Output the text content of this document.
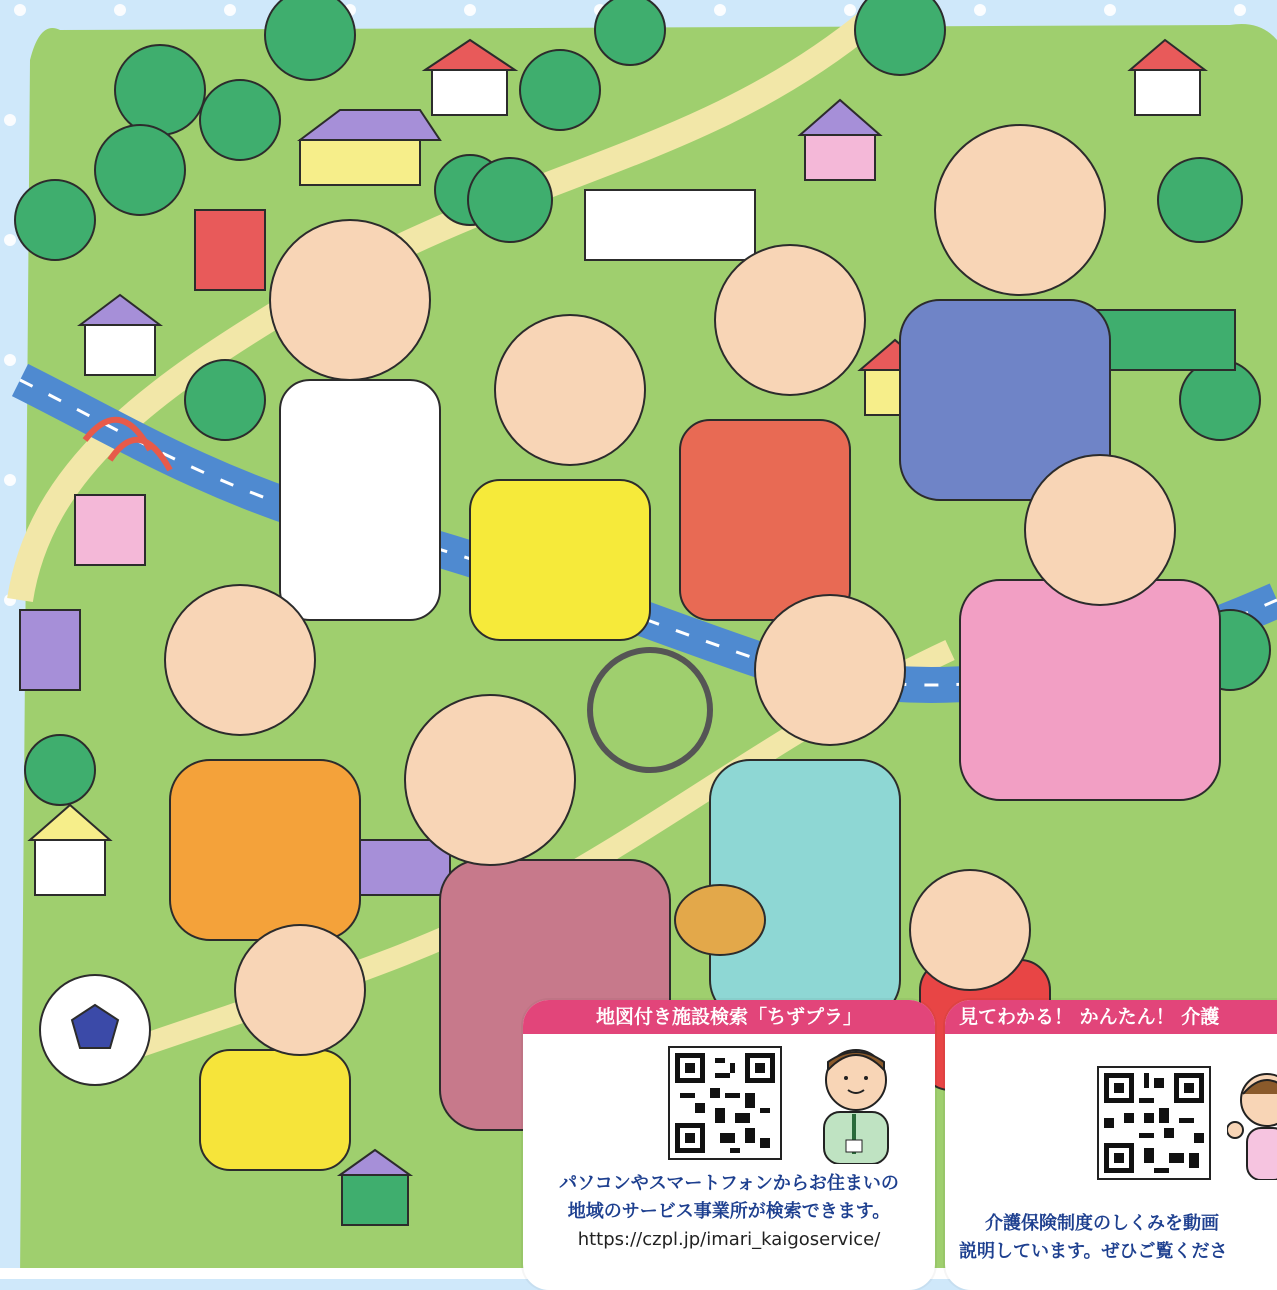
地図付き施設検索「ちずプラ」
パソコンやスマートフォンからお住まいの
地域のサービス事業所が検索できます。
https://czpl.jp/imari_kaigoservice/
見てわかる！ かんたん！ 介護
介護保険制度のしくみを動画
説明しています。ぜひご覧くださ
